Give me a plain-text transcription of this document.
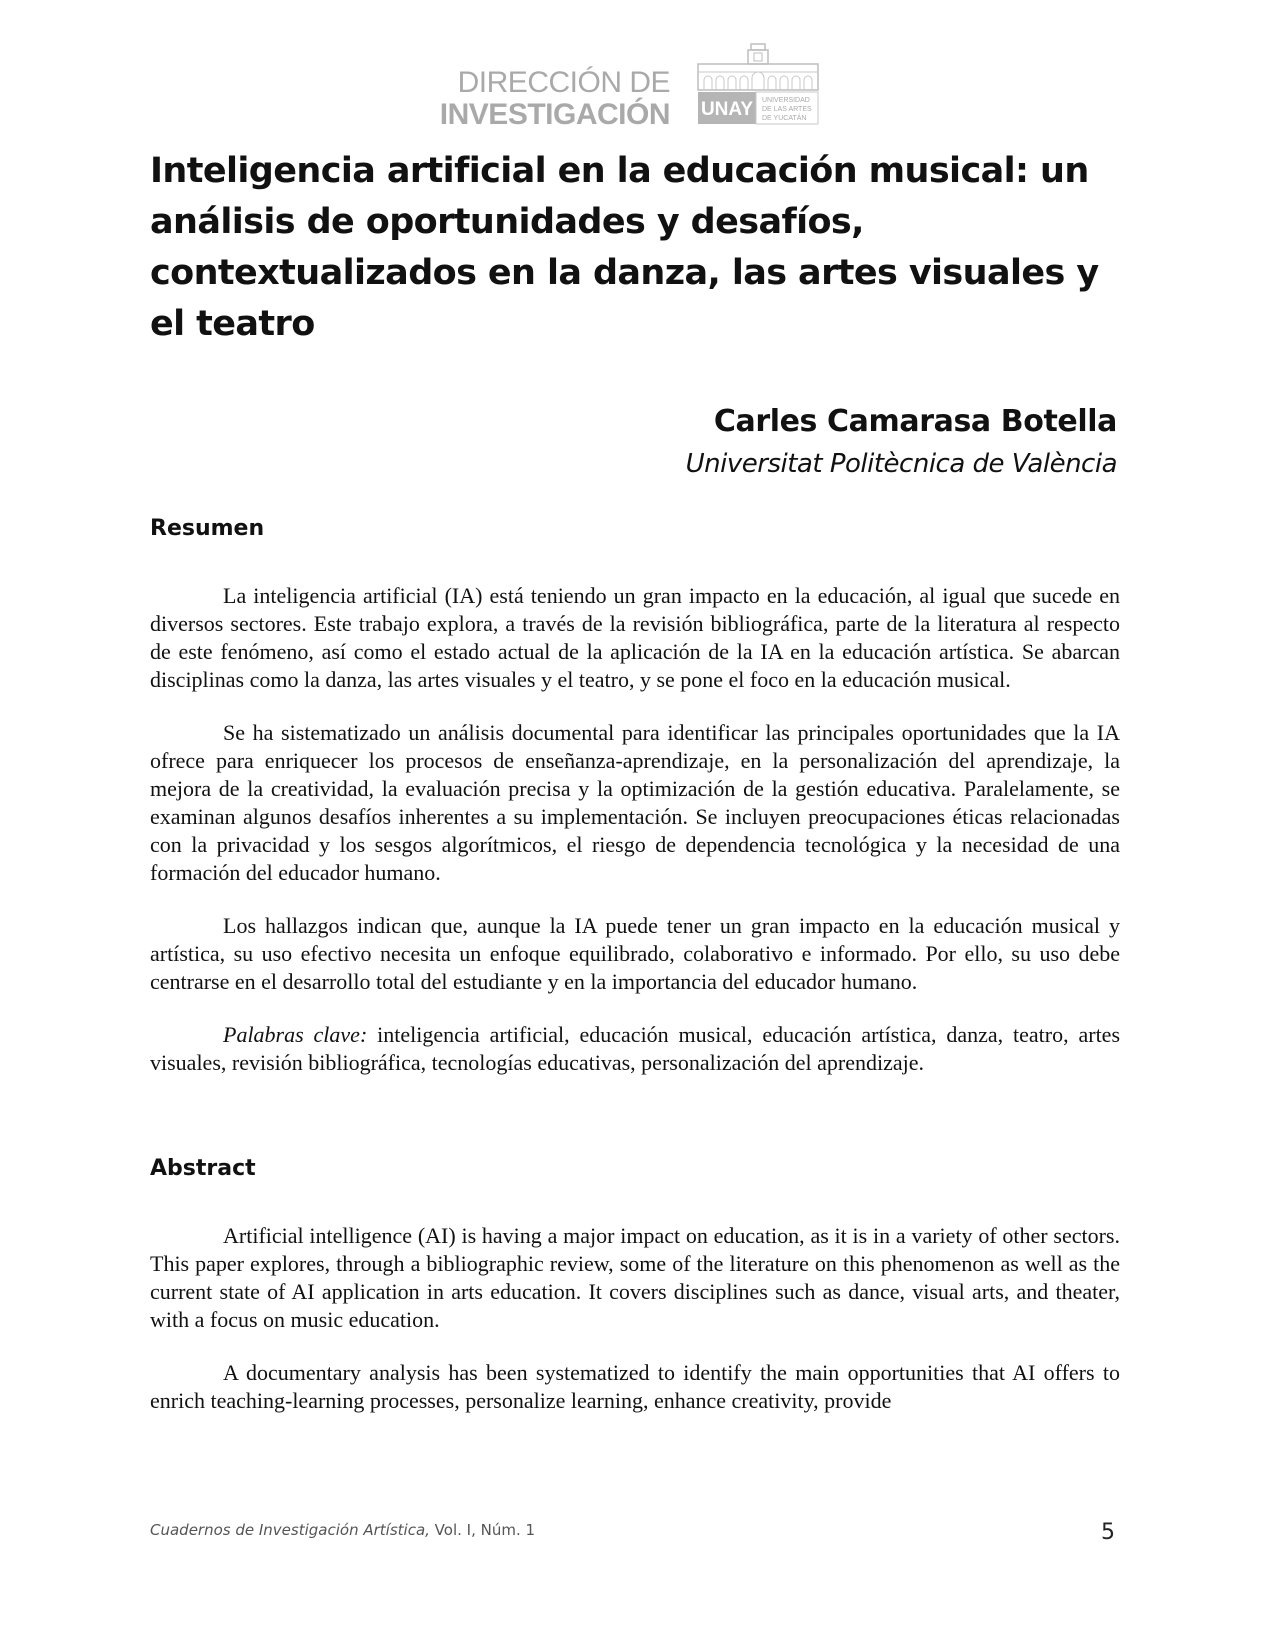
DIRECCIÓN DE
INVESTIGACIÓN UNAY UNIVERSIDAD
DE LAS ARTES
DE YUCATÁN
Inteligencia artificial en la educación musical: un análisis de oportunidades y desafíos, contextualizados en la danza, las artes visuales y el teatro
Carles Camarasa Botella
Universitat Politècnica de València
Resumen

La inteligencia artificial (IA) está teniendo un gran impacto en la educación, al igual que sucede en diversos sectores. Este trabajo explora, a través de la revisión bibliográfica, parte de la literatura al respecto de este fenómeno, así como el estado actual de la aplicación de la IA en la educación artística. Se abarcan disciplinas como la danza, las artes visuales y el teatro, y se pone el foco en la educación musical.

Se ha sistematizado un análisis documental para identificar las principales oportunidades que la IA ofrece para enriquecer los procesos de enseñanza-aprendizaje, en la personalización del aprendizaje, la mejora de la creatividad, la evaluación precisa y la optimización de la gestión educativa. Paralelamente, se examinan algunos desafíos inherentes a su implementación. Se incluyen preocupaciones éticas relacionadas con la privacidad y los sesgos algorítmicos, el riesgo de dependencia tecnológica y la necesidad de una formación del educador humano.

Los hallazgos indican que, aunque la IA puede tener un gran impacto en la educación musical y artística, su uso efectivo necesita un enfoque equilibrado, colaborativo e informado. Por ello, su uso debe centrarse en el desarrollo total del estudiante y en la importancia del educador humano.

Palabras clave: inteligencia artificial, educación musical, educación artística, danza, teatro, artes visuales, revisión bibliográfica, tecnologías educativas, personalización del aprendizaje.

Abstract

Artificial intelligence (AI) is having a major impact on education, as it is in a variety of other sectors. This paper explores, through a bibliographic review, some of the literature on this phenomenon as well as the current state of AI application in arts education. It covers disciplines such as dance, visual arts, and theater, with a focus on music education.

A documentary analysis has been systematized to identify the main opportunities that AI offers to enrich teaching-learning processes, personalize learning, enhance creativity, provide

Cuadernos de Investigación Artística, Vol. I, Núm. 1	5
